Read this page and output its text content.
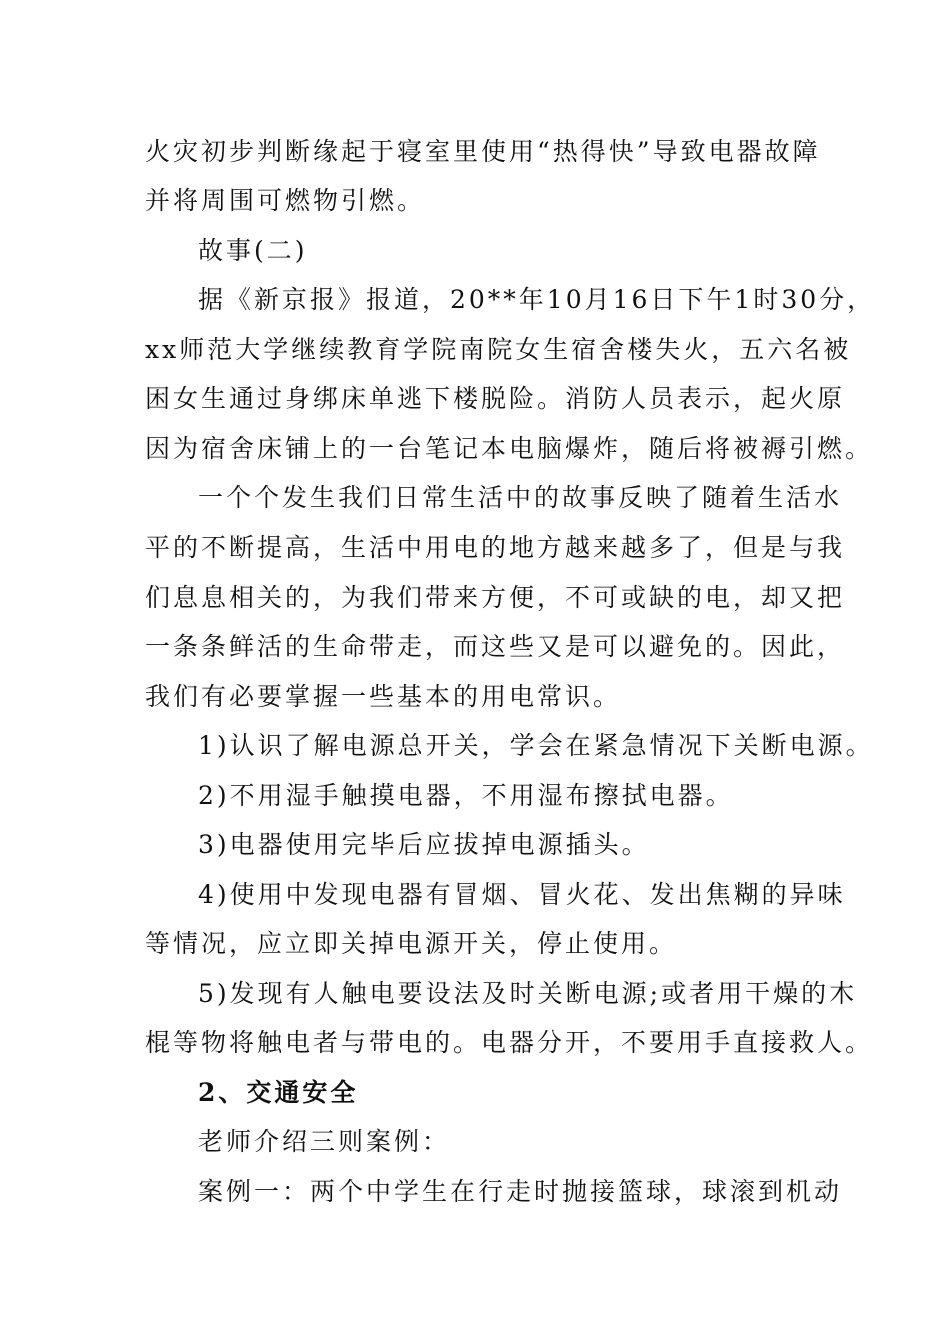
火灾初步判断缘起于寝室里使用“热得快”导致电器故障
并将周围可燃物引燃。
故事(二)
据《新京报》报道，20**年10月16日下午1时30分，
xx师范大学继续教育学院南院女生宿舍楼失火，五六名被
困女生通过身绑床单逃下楼脱险。消防人员表示，起火原
因为宿舍床铺上的一台笔记本电脑爆炸，随后将被褥引燃。
一个个发生我们日常生活中的故事反映了随着生活水
平的不断提高，生活中用电的地方越来越多了，但是与我
们息息相关的，为我们带来方便，不可或缺的电，却又把
一条条鲜活的生命带走，而这些又是可以避免的。因此，
我们有必要掌握一些基本的用电常识。
1)认识了解电源总开关，学会在紧急情况下关断电源。
2)不用湿手触摸电器，不用湿布擦拭电器。
3)电器使用完毕后应拔掉电源插头。
4)使用中发现电器有冒烟、冒火花、发出焦糊的异味
等情况，应立即关掉电源开关，停止使用。
5)发现有人触电要设法及时关断电源;或者用干燥的木
棍等物将触电者与带电的。电器分开，不要用手直接救人。
2、交通安全
老师介绍三则案例：
案例一：两个中学生在行走时抛接篮球，球滚到机动
